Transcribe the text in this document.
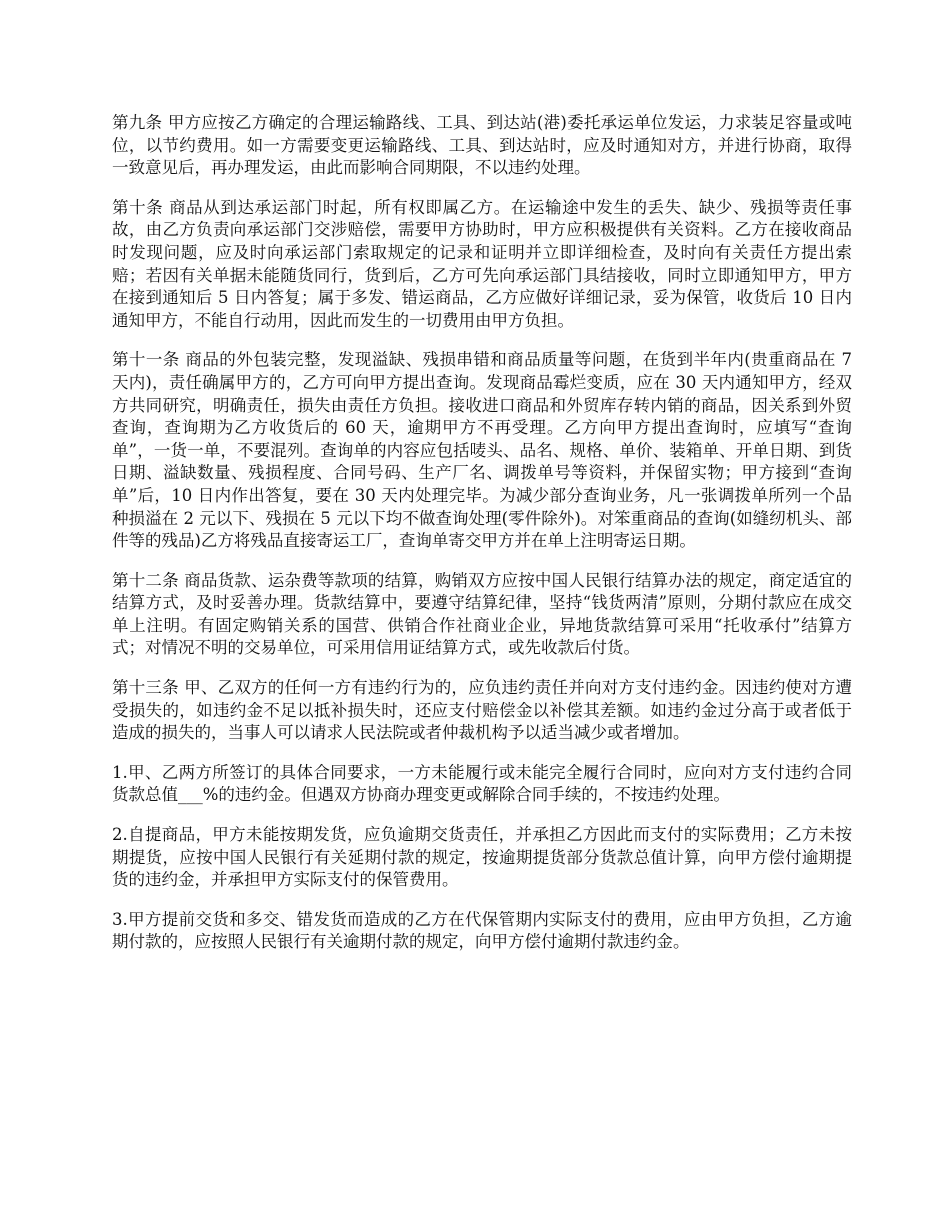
第九条 甲方应按乙方确定的合理运输路线、工具、到达站(港)委托承运单位发运，力求装足容量或吨位，以节约费用。如一方需要变更运输路线、工具、到达站时，应及时通知对方，并进行协商，取得一致意见后，再办理发运，由此而影响合同期限，不以违约处理。

第十条 商品从到达承运部门时起，所有权即属乙方。在运输途中发生的丢失、缺少、残损等责任事故，由乙方负责向承运部门交涉赔偿，需要甲方协助时，甲方应积极提供有关资料。乙方在接收商品时发现问题，应及时向承运部门索取规定的记录和证明并立即详细检查，及时向有关责任方提出索赔；若因有关单据未能随货同行，货到后，乙方可先向承运部门具结接收，同时立即通知甲方，甲方在接到通知后 5 日内答复；属于多发、错运商品，乙方应做好详细记录，妥为保管，收货后 10 日内通知甲方，不能自行动用，因此而发生的一切费用由甲方负担。

第十一条 商品的外包装完整，发现溢缺、残损串错和商品质量等问题，在货到半年内(贵重商品在 7 天内)，责任确属甲方的，乙方可向甲方提出查询。发现商品霉烂变质，应在 30 天内通知甲方，经双方共同研究，明确责任，损失由责任方负担。接收进口商品和外贸库存转内销的商品，因关系到外贸查询，查询期为乙方收货后的 60 天，逾期甲方不再受理。乙方向甲方提出查询时，应填写“查询单”，一货一单，不要混列。查询单的内容应包括唛头、品名、规格、单价、装箱单、开单日期、到货日期、溢缺数量、残损程度、合同号码、生产厂名、调拨单号等资料，并保留实物；甲方接到“查询单”后，10 日内作出答复，要在 30 天内处理完毕。为减少部分查询业务，凡一张调拨单所列一个品种损溢在 2 元以下、残损在 5 元以下均不做查询处理(零件除外)。对笨重商品的查询(如缝纫机头、部件等的残品)乙方将残品直接寄运工厂，查询单寄交甲方并在单上注明寄运日期。

第十二条 商品货款、运杂费等款项的结算，购销双方应按中国人民银行结算办法的规定，商定适宜的结算方式，及时妥善办理。货款结算中，要遵守结算纪律，坚持“钱货两清”原则，分期付款应在成交单上注明。有固定购销关系的国营、供销合作社商业企业，异地货款结算可采用“托收承付”结算方式；对情况不明的交易单位，可采用信用证结算方式，或先收款后付货。

第十三条 甲、乙双方的任何一方有违约行为的，应负违约责任并向对方支付违约金。因违约使对方遭受损失的，如违约金不足以抵补损失时，还应支付赔偿金以补偿其差额。如违约金过分高于或者低于造成的损失的，当事人可以请求人民法院或者仲裁机构予以适当减少或者增加。

1.甲、乙两方所签订的具体合同要求，一方未能履行或未能完全履行合同时，应向对方支付违约合同货款总值___%的违约金。但遇双方协商办理变更或解除合同手续的，不按违约处理。

2.自提商品，甲方未能按期发货，应负逾期交货责任，并承担乙方因此而支付的实际费用；乙方未按期提货，应按中国人民银行有关延期付款的规定，按逾期提货部分货款总值计算，向甲方偿付逾期提货的违约金，并承担甲方实际支付的保管费用。

3.甲方提前交货和多交、错发货而造成的乙方在代保管期内实际支付的费用，应由甲方负担，乙方逾期付款的，应按照人民银行有关逾期付款的规定，向甲方偿付逾期付款违约金。
